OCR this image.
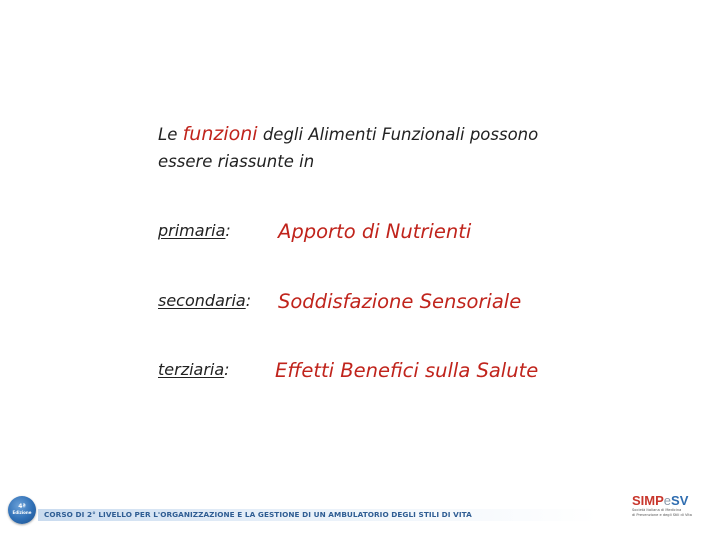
Le funzioni degli Alimenti Funzionali possono
essere riassunte in
primaria: Apporto di Nutrienti
secondaria: Soddisfazione Sensoriale
terziaria: Effetti Benefici sulla Salute
4ª
Edizione	CORSO DI 2° LIVELLO PER L'ORGANIZZAZIONE E LA GESTIONE DI UN AMBULATORIO DEGLI STILI DI VITA
SIMPeSV
Società Italiana di Medicina
di Prevenzione e degli Stili di Vita
